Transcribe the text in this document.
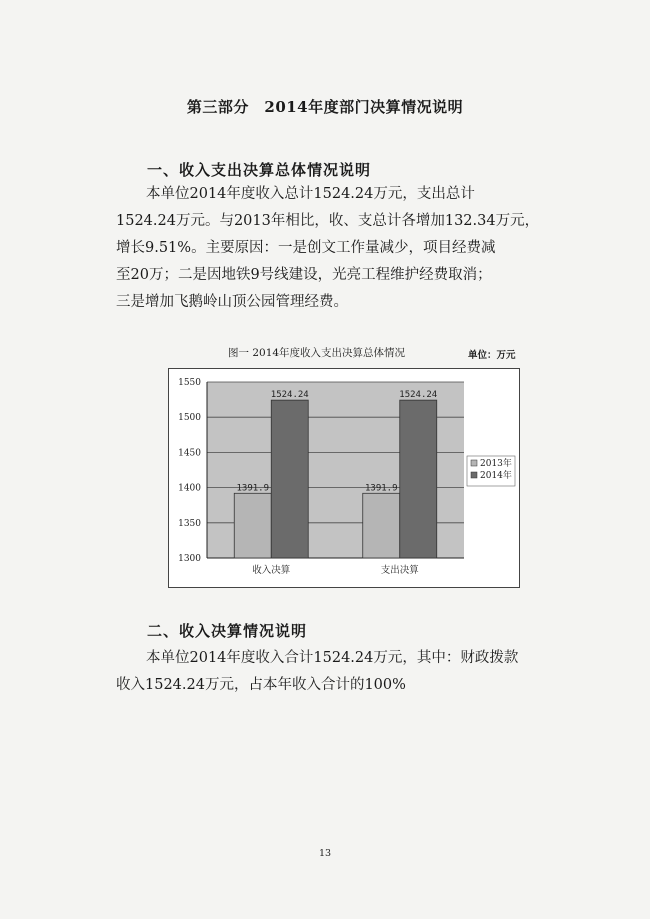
第三部分　2014年度部门决算情况说明
一、收入支出决算总体情况说明

本单位2014年度收入总计1524.24万元，支出总计
1524.24万元。与2013年相比，收、支总计各增加132.34万元，
增长9.51%。主要原因：一是创文工作量减少，项目经费减
至20万；二是因地铁9号线建设，光亮工程维护经费取消；
三是增加飞鹅岭山顶公园管理经费。

图一 2014年度收入支出决算总体情况	单位：万元
1300
1350
1400
1450
1500
1550
1391.9
1524.24
收入决算
1391.9
1524.24
支出决算
2013年
2014年
二、收入决算情况说明

本单位2014年度收入合计1524.24万元，其中：财政拨款
收入1524.24万元，占本年收入合计的100%

13
